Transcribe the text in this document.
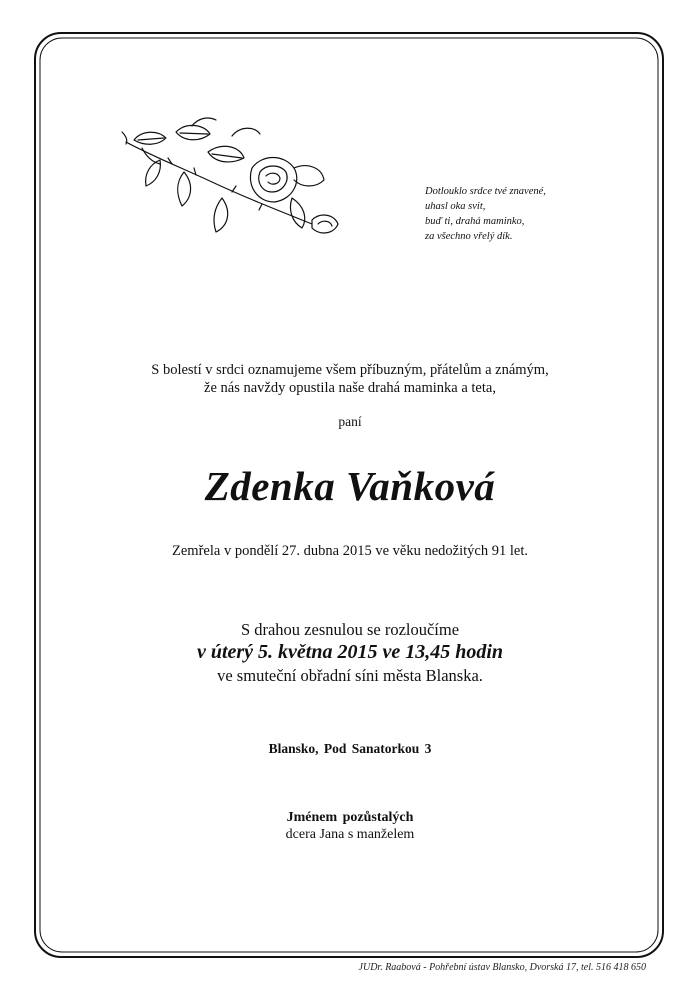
Dotlouklo srdce tvé znavené,
uhasl oka svit,
buď ti, drahá maminko,
za všechno vřelý dík.
S bolestí v srdci oznamujeme všem příbuzným, přátelům a známým,
že nás navždy opustila naše drahá maminka a teta,
paní
Zdenka Vaňková
Zemřela v pondělí 27. dubna 2015 ve věku nedožitých 91 let.
S drahou zesnulou se rozloučíme
v úterý 5. května 2015 ve 13,45 hodin
ve smuteční obřadní síni města Blanska.
Blansko, Pod Sanatorkou 3
Jménem pozůstalých
dcera Jana s manželem
JUDr. Raabová - Pohřební ústav Blansko, Dvorská 17, tel. 516 418 650
